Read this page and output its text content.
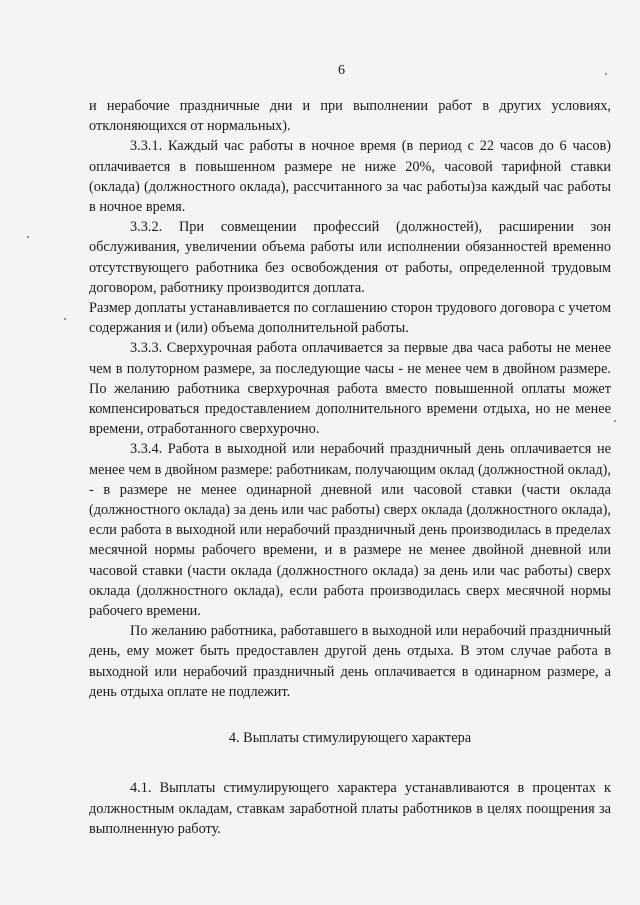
6

и нерабочие праздничные дни и при выполнении работ в других условиях, отклоняющихся от нормальных).

3.3.1. Каждый час работы в ночное время (в период с 22 часов до 6 часов) оплачивается в повышенном размере не ниже 20%, часовой тарифной ставки (оклада) (должностного оклада), рассчитанного за час работы)за каждый час работы в ночное время.

3.3.2. При совмещении профессий (должностей), расширении зон обслуживания, увеличении объема работы или исполнении обязанностей временно отсутствующего работника без освобождения от работы, определенной трудовым договором, работнику производится доплата.

Размер доплаты устанавливается по соглашению сторон трудового договора с учетом содержания и (или) объема дополнительной работы.

3.3.3. Сверхурочная работа оплачивается за первые два часа работы не менее чем в полуторном размере, за последующие часы - не менее чем в двойном размере. По желанию работника сверхурочная работа вместо повышенной оплаты может компенсироваться предоставлением дополнительного времени отдыха, но не менее времени, отработанного сверхурочно.

3.3.4. Работа в выходной или нерабочий праздничный день оплачивается не менее чем в двойном размере: работникам, получающим оклад (должностной оклад), - в размере не менее одинарной дневной или часовой ставки (части оклада (должностного оклада) за день или час работы) сверх оклада (должностного оклада), если работа в выходной или нерабочий праздничный день производилась в пределах месячной нормы рабочего времени, и в размере не менее двойной дневной или часовой ставки (части оклада (должностного оклада) за день или час работы) сверх оклада (должностного оклада), если работа производилась сверх месячной нормы рабочего времени.

По желанию работника, работавшего в выходной или нерабочий праздничный день, ему может быть предоставлен другой день отдыха. В этом случае работа в выходной или нерабочий праздничный день оплачивается в одинарном размере, а день отдыха оплате не подлежит.

4. Выплаты стимулирующего характера

4.1. Выплаты стимулирующего характера устанавливаются в процентах к должностным окладам, ставкам заработной платы работников в целях поощрения за выполненную работу.
